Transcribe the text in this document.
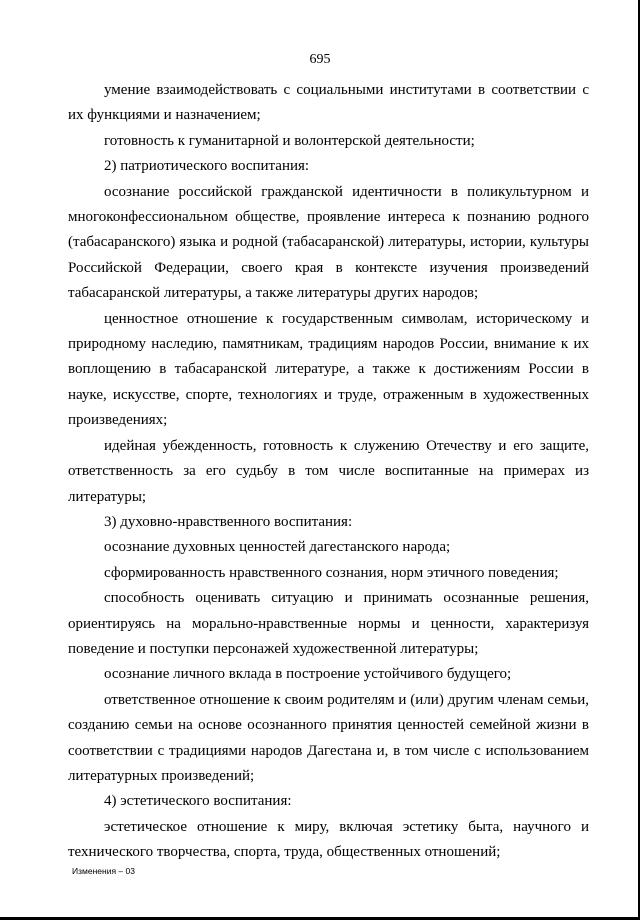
695

умение взаимодействовать с социальными институтами в соответствии с их функциями и назначением;

готовность к гуманитарной и волонтерской деятельности;

2) патриотического воспитания:

осознание российской гражданской идентичности в поликультурном и многоконфессиональном обществе, проявление интереса к познанию родного (табасаранского) языка и родной (табасаранской) литературы, истории, культуры Российской Федерации, своего края в контексте изучения произведений табасаранской литературы, а также литературы других народов;

ценностное отношение к государственным символам, историческому и природному наследию, памятникам, традициям народов России, внимание к их воплощению в табасаранской литературе, а также к достижениям России в науке, искусстве, спорте, технологиях и труде, отраженным в художественных произведениях;

идейная убежденность, готовность к служению Отечеству и его защите, ответственность за его судьбу в том числе воспитанные на примерах из литературы;

3) духовно-нравственного воспитания:

осознание духовных ценностей дагестанского народа;

сформированность нравственного сознания, норм этичного поведения;

способность оценивать ситуацию и принимать осознанные решения, ориентируясь на морально-нравственные нормы и ценности, характеризуя поведение и поступки персонажей художественной литературы;

осознание личного вклада в построение устойчивого будущего;

ответственное отношение к своим родителям и (или) другим членам семьи, созданию семьи на основе осознанного принятия ценностей семейной жизни в соответствии с традициями народов Дагестана и, в том числе с использованием литературных произведений;

4) эстетического воспитания:

эстетическое отношение к миру, включая эстетику быта, научного и технического творчества, спорта, труда, общественных отношений;

Изменения – 03
